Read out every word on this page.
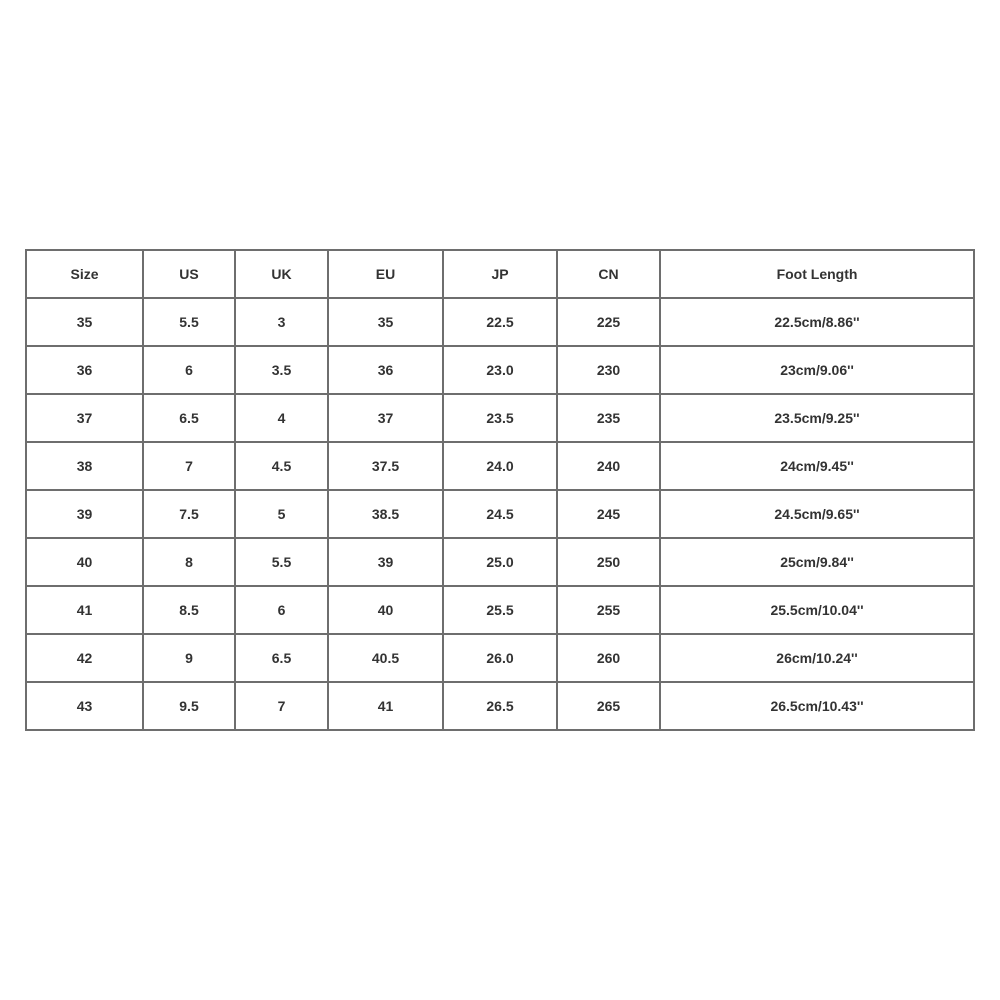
Size	US	UK	EU	JP	CN	Foot Length
35	5.5	3	35	22.5	225	22.5cm/8.86''
36	6	3.5	36	23.0	230	23cm/9.06''
37	6.5	4	37	23.5	235	23.5cm/9.25''
38	7	4.5	37.5	24.0	240	24cm/9.45''
39	7.5	5	38.5	24.5	245	24.5cm/9.65''
40	8	5.5	39	25.0	250	25cm/9.84''
41	8.5	6	40	25.5	255	25.5cm/10.04''
42	9	6.5	40.5	26.0	260	26cm/10.24''
43	9.5	7	41	26.5	265	26.5cm/10.43''
